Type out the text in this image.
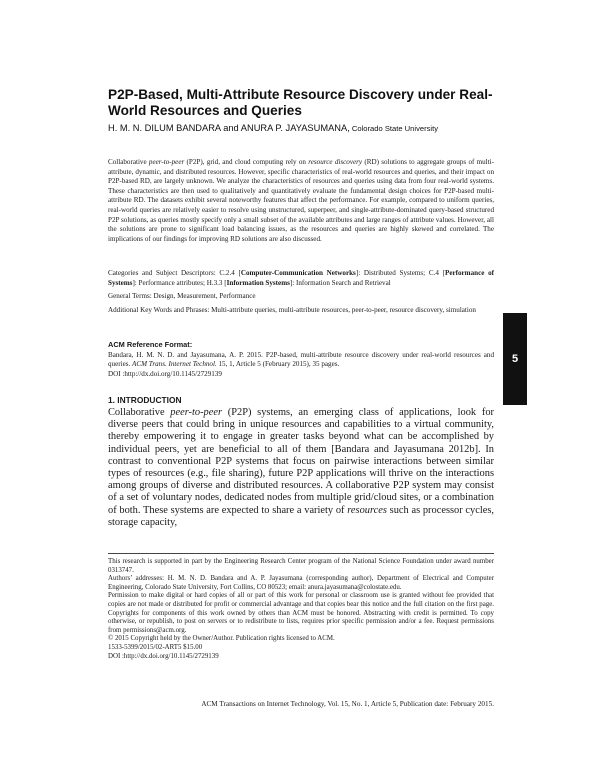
P2P-Based, Multi-Attribute Resource Discovery under Real-World Resources and Queries
H. M. N. DILUM BANDARA and ANURA P. JAYASUMANA, Colorado State University

Collaborative peer-to-peer (P2P), grid, and cloud computing rely on resource discovery (RD) solutions to aggregate groups of multi-attribute, dynamic, and distributed resources. However, specific characteristics of real-world resources and queries, and their impact on P2P-based RD, are largely unknown. We analyze the characteristics of resources and queries using data from four real-world systems. These characteristics are then used to qualitatively and quantitatively evaluate the fundamental design choices for P2P-based multi-attribute RD. The datasets exhibit several noteworthy features that affect the performance. For example, compared to uniform queries, real-world queries are relatively easier to resolve using unstructured, superpeer, and single-attribute-dominated query-based structured P2P solutions, as queries mostly specify only a small subset of the available attributes and large ranges of attribute values. However, all the solutions are prone to significant load balancing issues, as the resources and queries are highly skewed and correlated. The implications of our findings for improving RD solutions are also discussed.

Categories and Subject Descriptors: C.2.4 [Computer-Communication Networks]: Distributed Systems; C.4 [Performance of Systems]: Performance attributes; H.3.3 [Information Systems]: Information Search and Retrieval

General Terms: Design, Measurement, Performance

Additional Key Words and Phrases: Multi-attribute queries, multi-attribute resources, peer-to-peer, resource discovery, simulation

ACM Reference Format:

Bandara, H. M. N. D. and Jayasumana, A. P. 2015. P2P-based, multi-attribute resource discovery under real-world resources and queries. ACM Trans. Internet Technol. 15, 1, Article 5 (February 2015), 35 pages.

DOI :http://dx.doi.org/10.1145/2729139

5
1. INTRODUCTION

Collaborative peer-to-peer (P2P) systems, an emerging class of applications, look for diverse peers that could bring in unique resources and capabilities to a virtual community, thereby empowering it to engage in greater tasks beyond what can be accomplished by individual peers, yet are beneficial to all of them [Bandara and Jayasumana 2012b]. In contrast to conventional P2P systems that focus on pairwise interactions between similar types of resources (e.g., file sharing), future P2P applications will thrive on the interactions among groups of diverse and distributed resources. A collaborative P2P system may consist of a set of voluntary nodes, dedicated nodes from multiple grid/cloud sites, or a combination of both. These systems are expected to share a variety of resources such as processor cycles, storage capacity,

This research is supported in part by the Engineering Research Center program of the National Science Foundation under award number 0313747.

Authors’ addresses: H. M. N. D. Bandara and A. P. Jayasumana (corresponding author), Department of Electrical and Computer Engineering, Colorado State University, Fort Collins, CO 80523; email: anura.jayasumana@colostate.edu.

Permission to make digital or hard copies of all or part of this work for personal or classroom use is granted without fee provided that copies are not made or distributed for profit or commercial advantage and that copies bear this notice and the full citation on the first page. Copyrights for components of this work owned by others than ACM must be honored. Abstracting with credit is permitted. To copy otherwise, or republish, to post on servers or to redistribute to lists, requires prior specific permission and/or a fee. Request permissions from permissions@acm.org.

© 2015 Copyright held by the Owner/Author. Publication rights licensed to ACM.

1533-5399/2015/02-ART5 $15.00

DOI :http://dx.doi.org/10.1145/2729139

ACM Transactions on Internet Technology, Vol. 15, No. 1, Article 5, Publication date: February 2015.
